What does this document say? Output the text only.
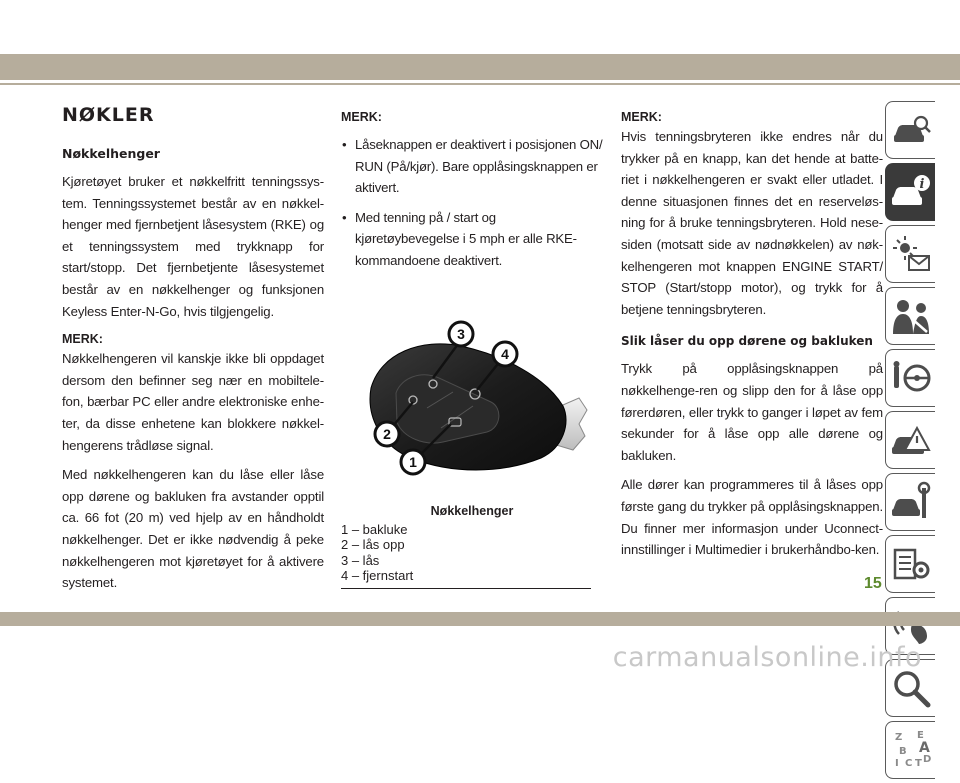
NØKLER
Nøkkelhenger
Kjøretøyet bruker et nøkkelfritt tenningssys-tem. Tenningssystemet består av en nøkkel-henger med fjernbetjent låsesystem (RKE) og et tenningssystem med trykknapp for start/stopp. Det fjernbetjente låsesystemet består av en nøkkelhenger og funksjonen Keyless Enter-N-Go, hvis tilgjengelig.
MERK:
Nøkkelhengeren vil kanskje ikke bli oppdaget dersom den befinner seg nær en mobiltele-fon, bærbar PC eller andre elektroniske enhe-ter, da disse enhetene kan blokkere nøkkel-hengerens trådløse signal.
Med nøkkelhengeren kan du låse eller låse opp dørene og bakluken fra avstander opptil ca. 66 fot (20 m) ved hjelp av en håndholdt nøkkelhenger. Det er ikke nødvendig å peke nøkkelhengeren mot kjøretøyet for å aktivere systemet.
MERK:
• Låseknappen er deaktivert i posisjonen ON/ RUN (På/kjør). Bare opplåsingsknappen er aktivert.
• Med tenning på / start og kjøretøybevegelse i 5 mph er alle RKE-kommandoene deaktivert.
3
4
2
1
Nøkkelhenger
1 – bakluke
2 – lås opp
3 – lås
4 – fjernstart
MERK:
Hvis tenningsbryteren ikke endres når du trykker på en knapp, kan det hende at batte-riet i nøkkelhengeren er svakt eller utladet. I denne situasjonen finnes det en reserveløs-ning for å bruke tenningsbryteren. Hold nese-siden (motsatt side av nødnøkkelen) av nøk-kelhengeren mot knappen ENGINE START/ STOP (Start/stopp motor), og trykk for å betjene tenningsbryteren.
Slik låser du opp dørene og bakluken
Trykk på opplåsingsknappen på nøkkelhenge-ren og slipp den for å låse opp førerdøren, eller trykk to ganger i løpet av fem sekunder for å låse opp alle dørene og bakluken.
Alle dører kan programmeres til å låses opp første gang du trykker på opplåsingsknappen. Du finner mer informasjon under Uconnect-innstillinger i Multimedier i brukerhåndbo-ken.
i
Z E
B A
I C T D
15
carmanualsonline.info
